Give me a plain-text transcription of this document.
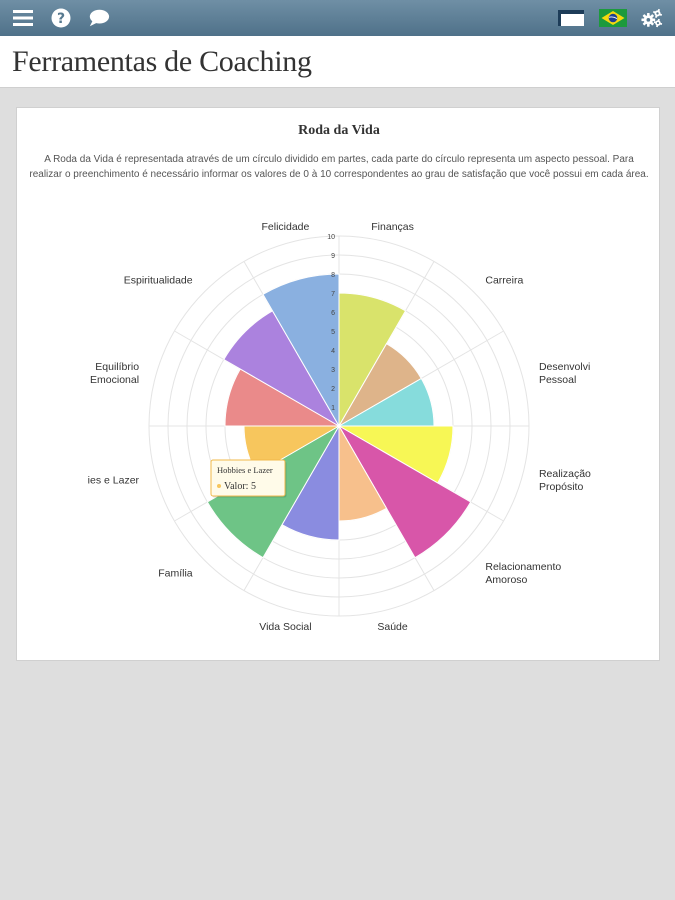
?
Ferramentas de Coaching
Roda da Vida
A Roda da Vida é representada através de um círculo dividido em partes, cada parte do círculo representa um aspecto pessoal. Para realizar o preenchimento é necessário informar os valores de 0 à 10 correspondentes ao grau de satisfação que você possui em cada área.
1
2
3
4
5
6
7
8
9
10
Finanças
Carreira
Desenvolvi Pessoal
Realização Propósito
Relacionamento Amoroso
Saúde
Vida Social
Família
ies e Lazer
Equilíbrio Emocional
Espiritualidade
Felicidade
Hobbies e Lazer
Valor: 5
